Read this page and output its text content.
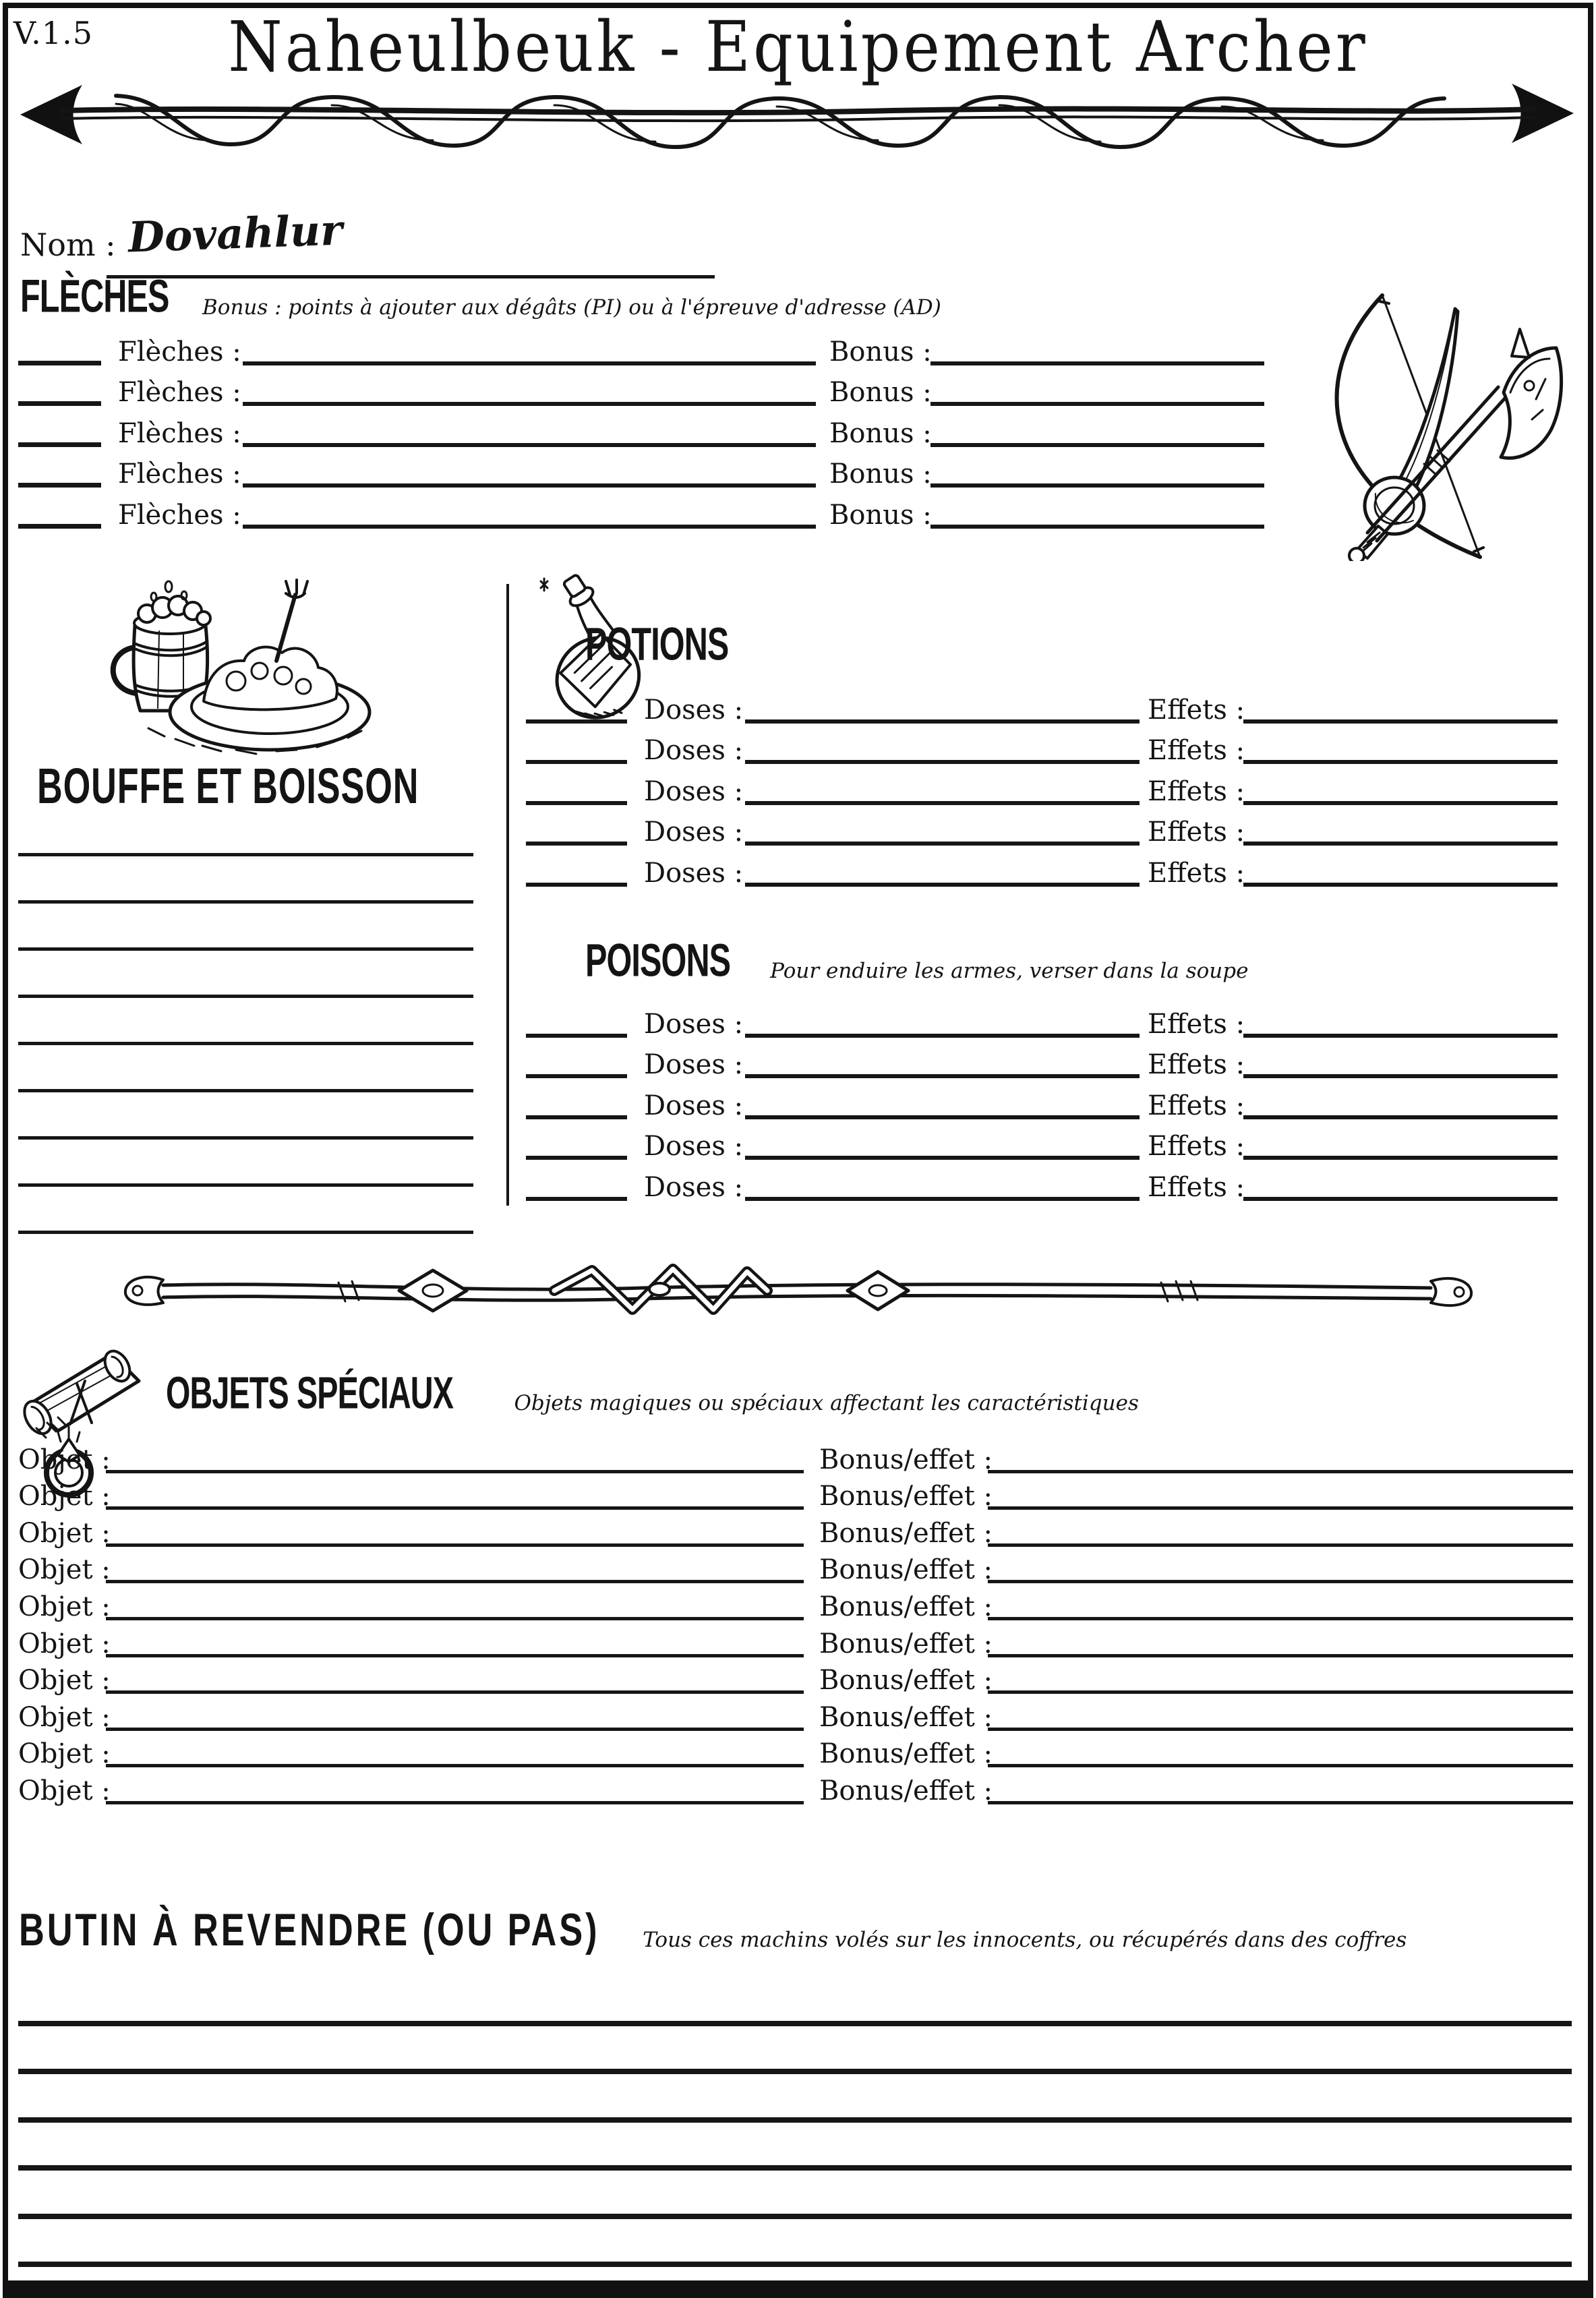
V.1.5	Naheulbeuk - Equipement Archer
Nom : Dovahlur
FLÈCHES Bonus : points à ajouter aux dégâts (PI) ou à l'épreuve d'adresse (AD)
Flèches :	Bonus :
Flèches :	Bonus :
Flèches :	Bonus :
Flèches :	Bonus :
Flèches :	Bonus :
BOUFFE ET BOISSON
POTIONS
Doses :	Effets :
Doses :	Effets :
Doses :	Effets :
Doses :	Effets :
Doses :	Effets :
POISONS Pour enduire les armes, verser dans la soupe
Doses :	Effets :
Doses :	Effets :
Doses :	Effets :
Doses :	Effets :
Doses :	Effets :
OBJETS SPÉCIAUX	Objets magiques ou spéciaux affectant les caractéristiques
Objet :	Bonus/effet :
Objet :	Bonus/effet :
Objet :	Bonus/effet :
Objet :	Bonus/effet :
Objet :	Bonus/effet :
Objet :	Bonus/effet :
Objet :	Bonus/effet :
Objet :	Bonus/effet :
Objet :	Bonus/effet :
Objet :	Bonus/effet :
BUTIN À REVENDRE (OU PAS) Tous ces machins volés sur les innocents, ou récupérés dans des coffres
